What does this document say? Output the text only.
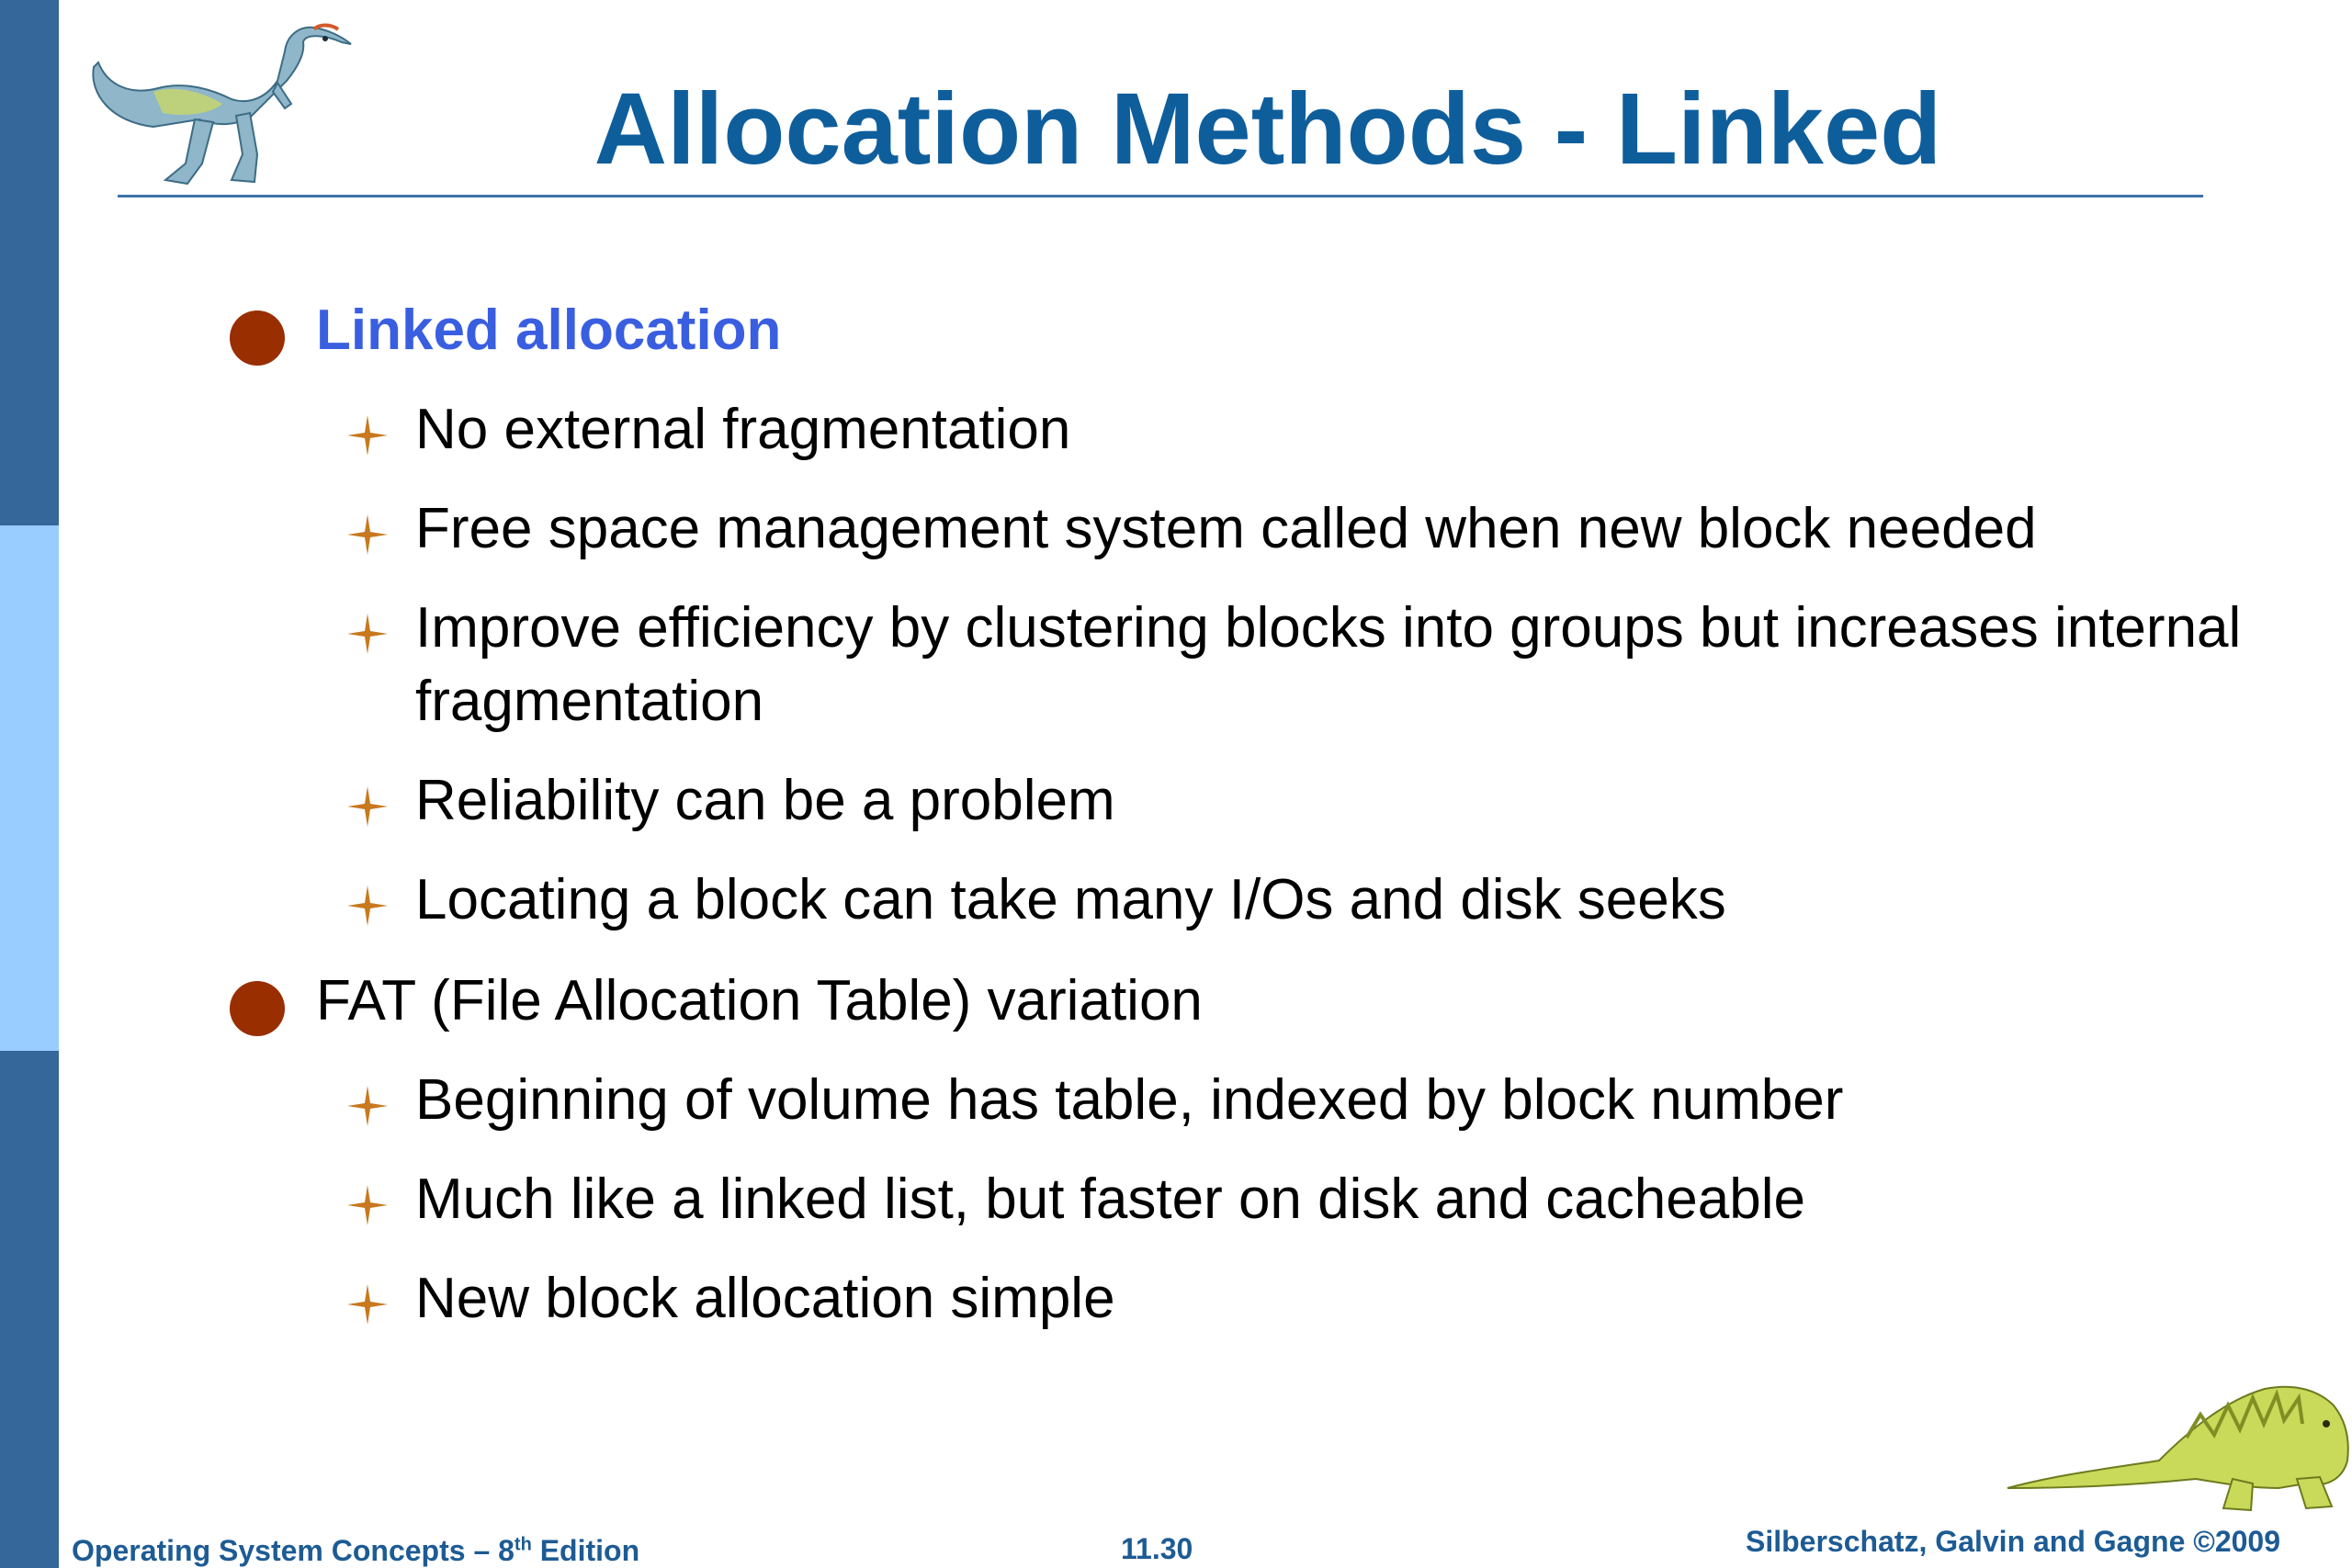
Allocation Methods - Linked
Linked allocation
No external fragmentation
Free space management system called when new block needed
Improve efficiency by clustering blocks into groups but increases internal fragmentation
Reliability can be a problem
Locating a block can take many I/Os and disk seeks
FAT (File Allocation Table) variation
Beginning of volume has table, indexed by block number
Much like a linked list, but faster on disk and cacheable
New block allocation simple
Operating System Concepts – 8th Edition	11.30	Silberschatz, Galvin and Gagne ©2009
